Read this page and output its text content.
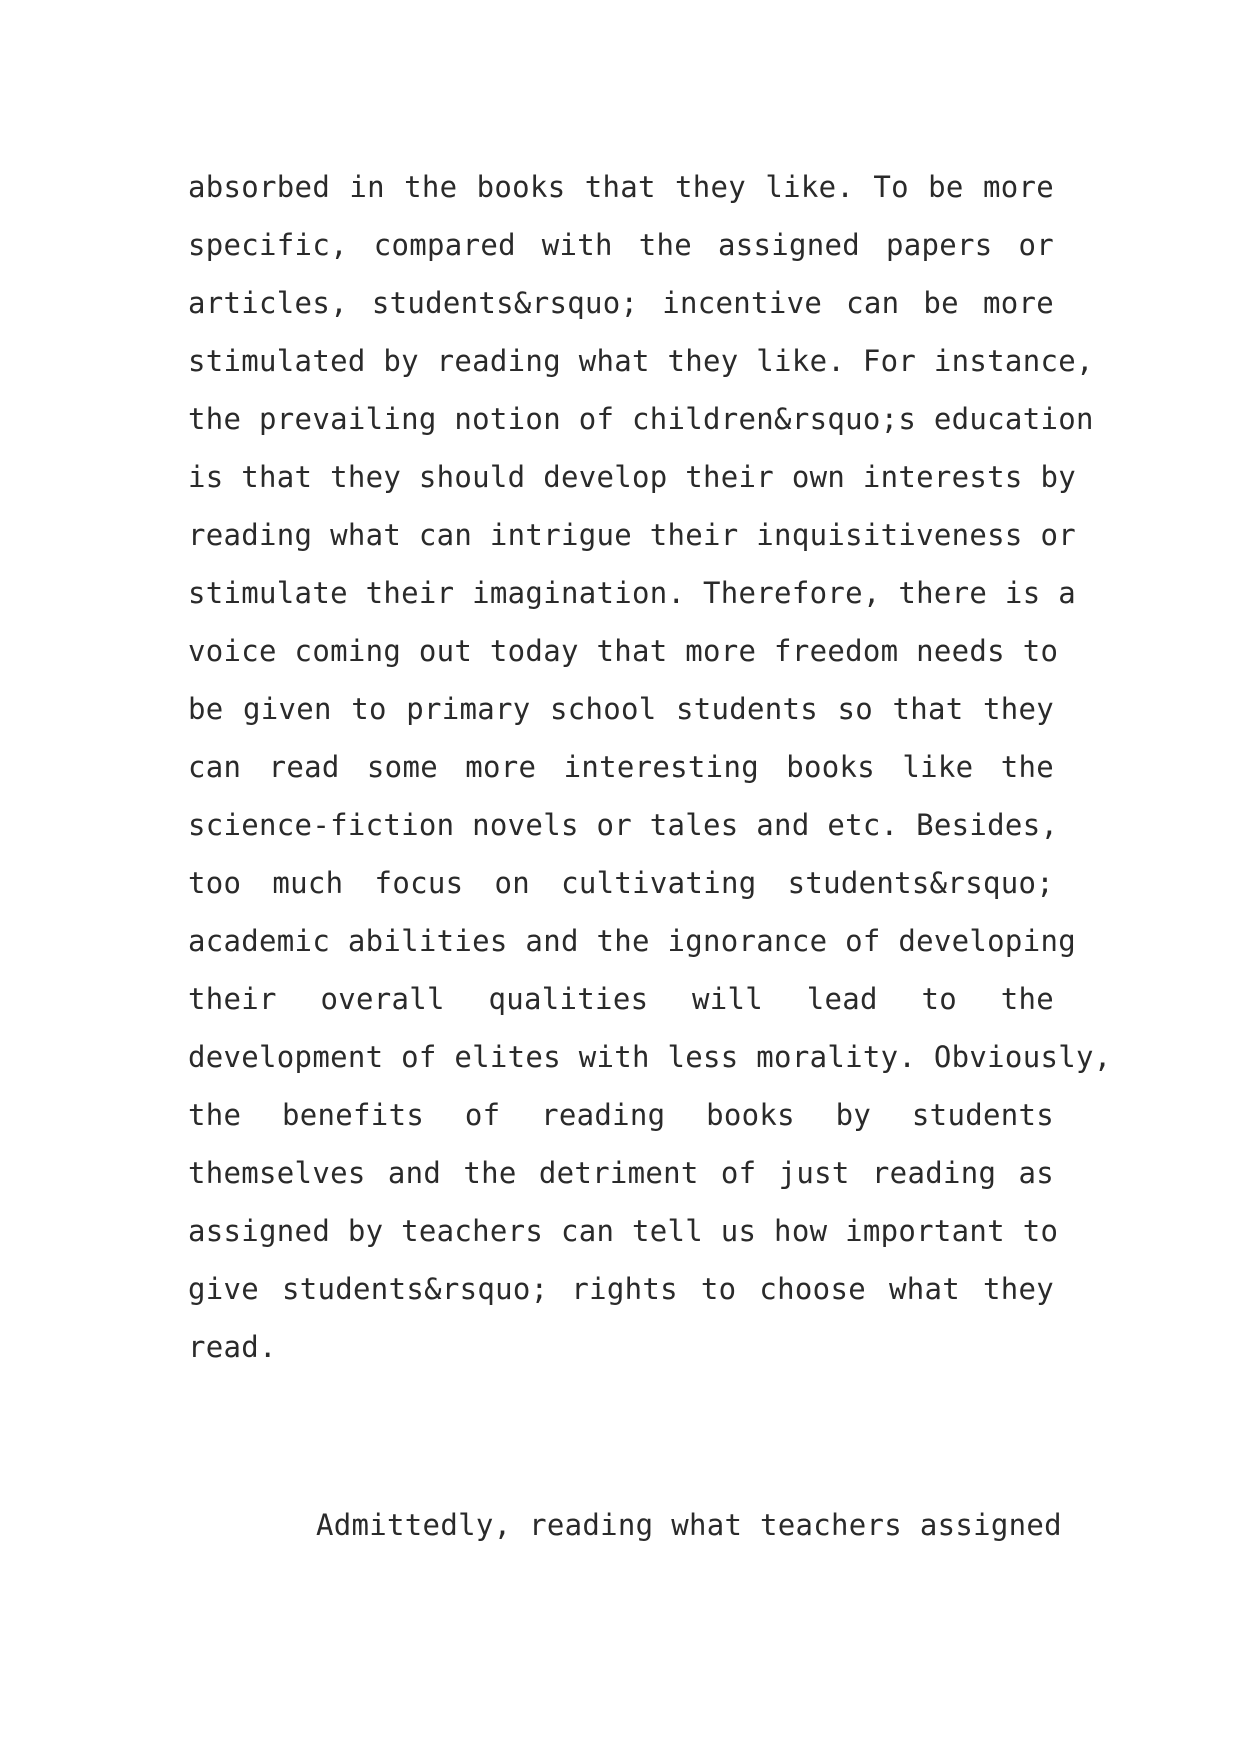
absorbed in the books that they like. To be more
specific, compared with the assigned papers or
articles, students&rsquo; incentive can be more
stimulated by reading what they like. For instance,
the prevailing notion of children&rsquo;s education
is that they should develop their own interests by
reading what can intrigue their inquisitiveness or
stimulate their imagination. Therefore, there is a
voice coming out today that more freedom needs to
be given to primary school students so that they
can read some more interesting books like the
science-fiction novels or tales and etc. Besides,
too much focus on cultivating students&rsquo;
academic abilities and the ignorance of developing
their overall qualities will lead to the
development of elites with less morality. Obviously,
the benefits of reading books by students
themselves and the detriment of just reading as
assigned by teachers can tell us how important to
give students&rsquo; rights to choose what they
read.
Admittedly, reading what teachers assigned
